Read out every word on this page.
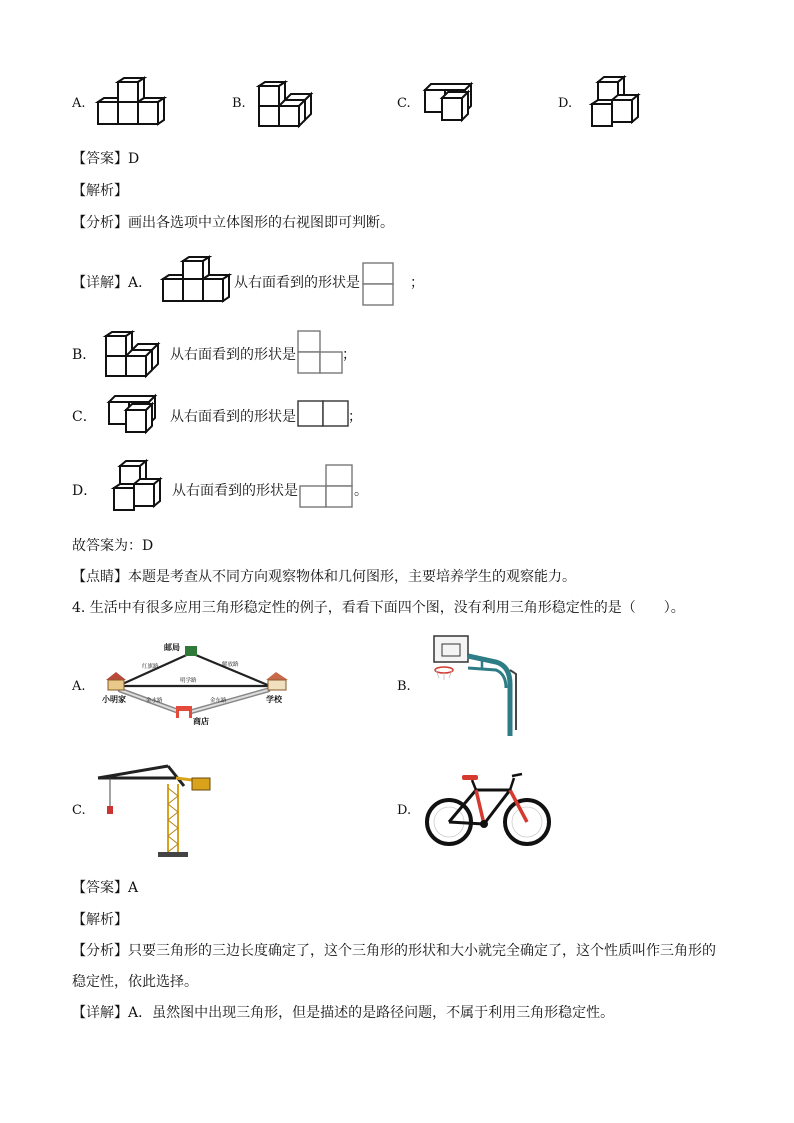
A.	B.	C.	D.
【答案】D
【解析】
【分析】画出各选项中立体图形的右视图即可判断。
【详解】A．	从右面看到的形状是	；
B．	从右面看到的形状是	；
C．	从右面看到的形状是	；
D．	从右面看到的形状是	。
故答案为：D
【点睛】本题是考查从不同方向观察物体和几何图形，主要培养学生的观察能力。
4. 生活中有很多应用三角形稳定性的例子，看看下面四个图，没有利用三角形稳定性的是（　　）。
A.
邮局
小明家	学校
商店
红旗路	解放路
明学路
金水路	金东路
B.
C.	D.
【答案】A
【解析】
【分析】只要三角形的三边长度确定了，这个三角形的形状和大小就完全确定了，这个性质叫作三角形的
稳定性，依此选择。
【详解】A．虽然图中出现三角形，但是描述的是路径问题，不属于利用三角形稳定性。
